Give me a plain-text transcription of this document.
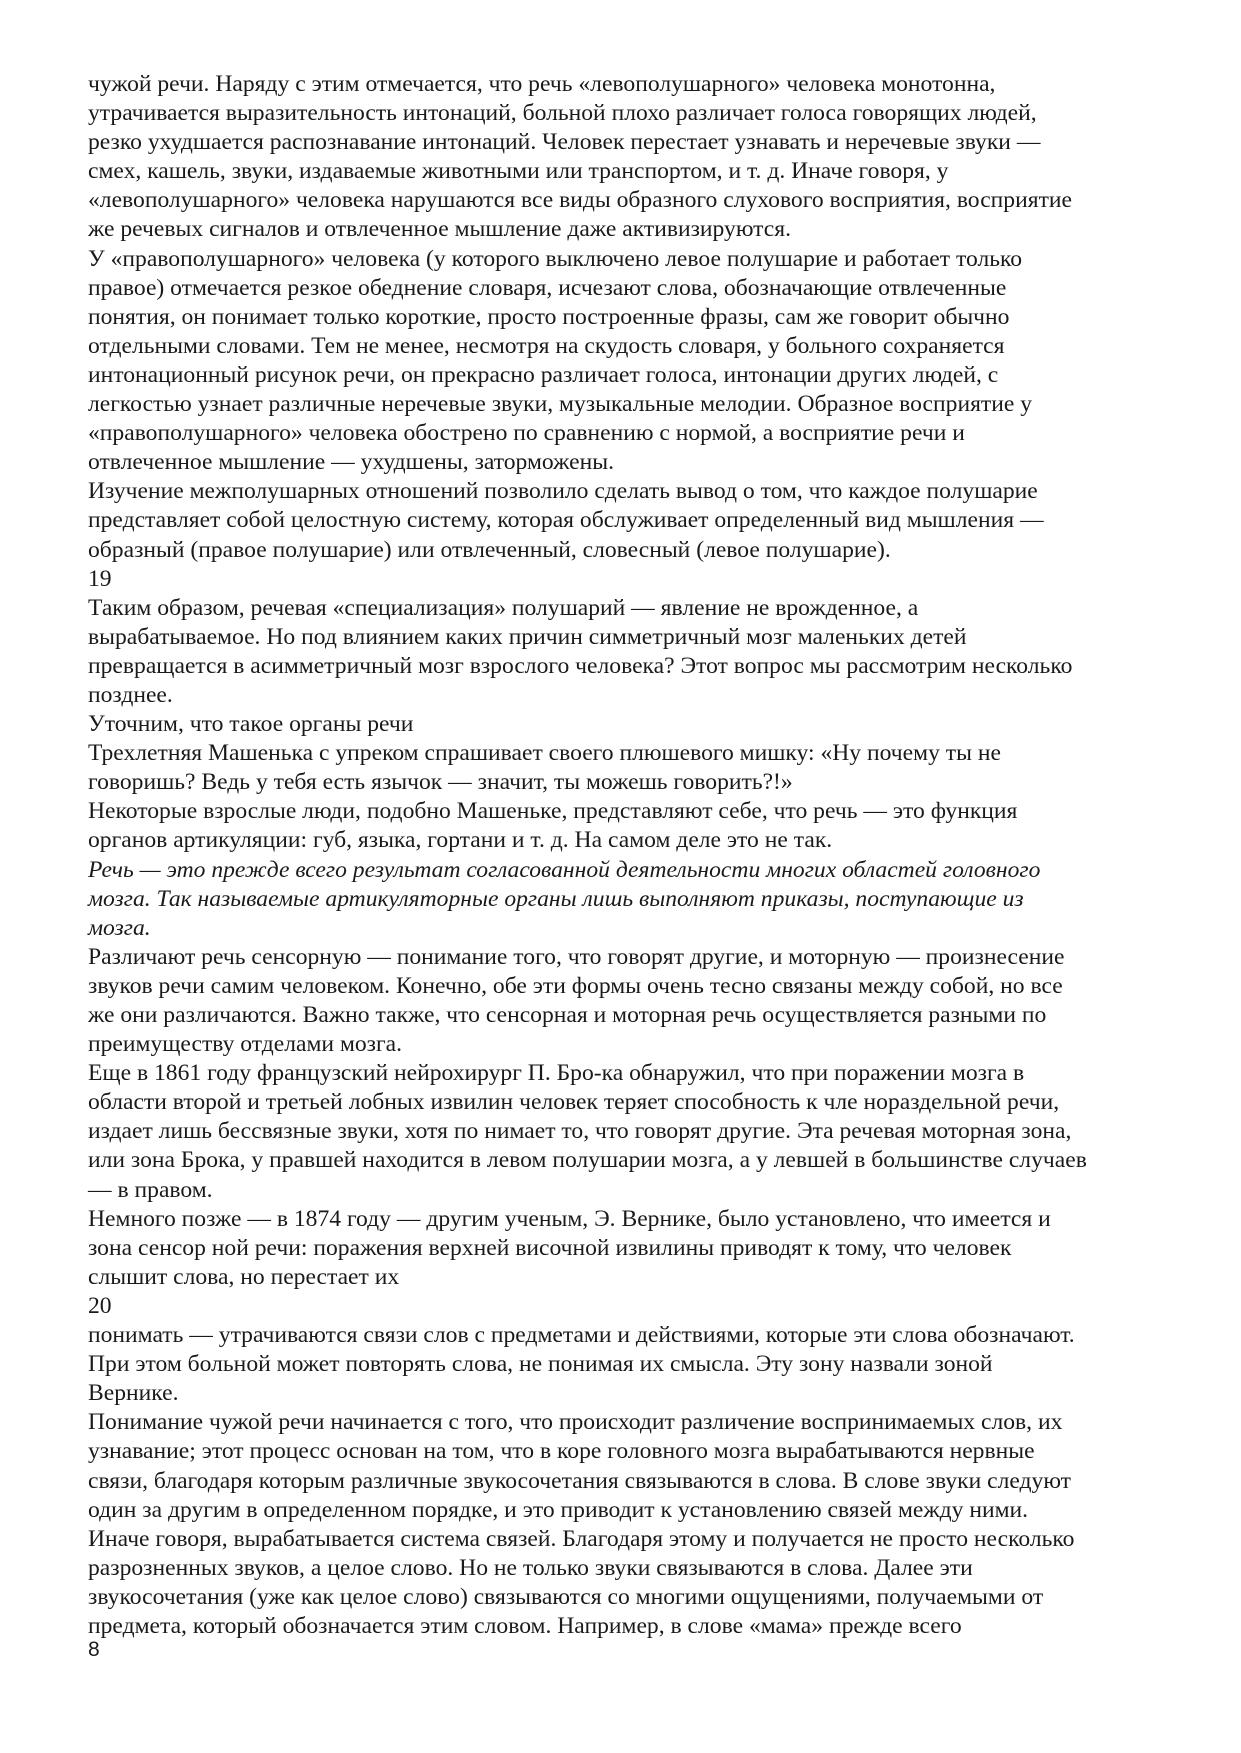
чужой речи. Наряду с этим отмечается, что речь «левополушарного» человека монотонна,
утрачивается выразительность интонаций, больной плохо различает голоса говорящих людей,
резко ухудшается распознавание интонаций. Человек перестает узнавать и неречевые звуки —
смех, кашель, звуки, издаваемые животными или транспортом, и т. д. Иначе говоря, у
«левополушарного» человека нарушаются все виды образного слухового восприятия, восприятие
же речевых сигналов и отвлеченное мышление даже активизируются.
У «правополушарного» человека (у которого выключено левое полушарие и работает только
правое) отмечается резкое обеднение словаря, исчезают слова, обозначающие отвлеченные
понятия, он понимает только короткие, просто построенные фразы, сам же говорит обычно
отдельными словами. Тем не менее, несмотря на скудость словаря, у больного сохраняется
интонационный рисунок речи, он прекрасно различает голоса, интонации других людей, с
легкостью узнает различные неречевые звуки, музыкальные мелодии. Образное восприятие у
«правополушарного» человека обострено по сравнению с нормой, а восприятие речи и
отвлеченное мышление — ухудшены, заторможены.
Изучение межполушарных отношений позволило сделать вывод о том, что каждое полушарие
представляет собой целостную систему, которая обслуживает определенный вид мышления —
образный (правое полушарие) или отвлеченный, словесный (левое полушарие).
19
Таким образом, речевая «специализация» полушарий — явление не врожденное, а
вырабатываемое. Но под влиянием каких причин симметричный мозг маленьких детей
превращается в асимметричный мозг взрослого человека? Этот вопрос мы рассмотрим несколько
позднее.
Уточним, что такое органы речи
Трехлетняя Машенька с упреком спрашивает своего плюшевого мишку: «Ну почему ты не
говоришь? Ведь у тебя есть язычок — значит, ты можешь говорить?!»
Некоторые взрослые люди, подобно Машеньке, представляют себе, что речь — это функция
органов артикуляции: губ, языка, гортани и т. д. На самом деле это не так.
Речь — это прежде всего результат согласованной деятельности многих областей головного
мозга. Так называемые артикуляторные органы лишь выполняют приказы, поступающие из
мозга.
Различают речь сенсорную — понимание того, что говорят другие, и моторную — произнесение
звуков речи самим человеком. Конечно, обе эти формы очень тесно связаны между собой, но все
же они различаются. Важно также, что сенсорная и моторная речь осуществляется разными по
преимуществу отделами мозга.
Еще в 1861 году французский нейрохирург П. Бро-ка обнаружил, что при поражении мозга в
области второй и третьей лобных извилин человек теряет способность к чле нораздельной речи,
издает лишь бессвязные звуки, хотя по нимает то, что говорят другие. Эта речевая моторная зона,
или зона Брока, у правшей находится в левом полушарии мозга, а у левшей в большинстве случаев
— в правом.
Немного позже — в 1874 году — другим ученым, Э. Вернике, было установлено, что имеется и
зона сенсор ной речи: поражения верхней височной извилины приводят к тому, что человек
слышит слова, но перестает их
20
понимать — утрачиваются связи слов с предметами и действиями, которые эти слова обозначают.
При этом больной может повторять слова, не понимая их смысла. Эту зону назвали зоной
Вернике.
Понимание чужой речи начинается с того, что происходит различение воспринимаемых слов, их
узнавание; этот процесс основан на том, что в коре головного мозга вырабатываются нервные
связи, благодаря которым различные звукосочетания связываются в слова. В слове звуки следуют
один за другим в определенном порядке, и это приводит к установлению связей между ними.
Иначе говоря, вырабатывается система связей. Благодаря этому и получается не просто несколько
разрозненных звуков, а целое слово. Но не только звуки связываются в слова. Далее эти
звукосочетания (уже как целое слово) связываются со многими ощущениями, получаемыми от
предмета, который обозначается этим словом. Например, в слове «мама» прежде всего
8
